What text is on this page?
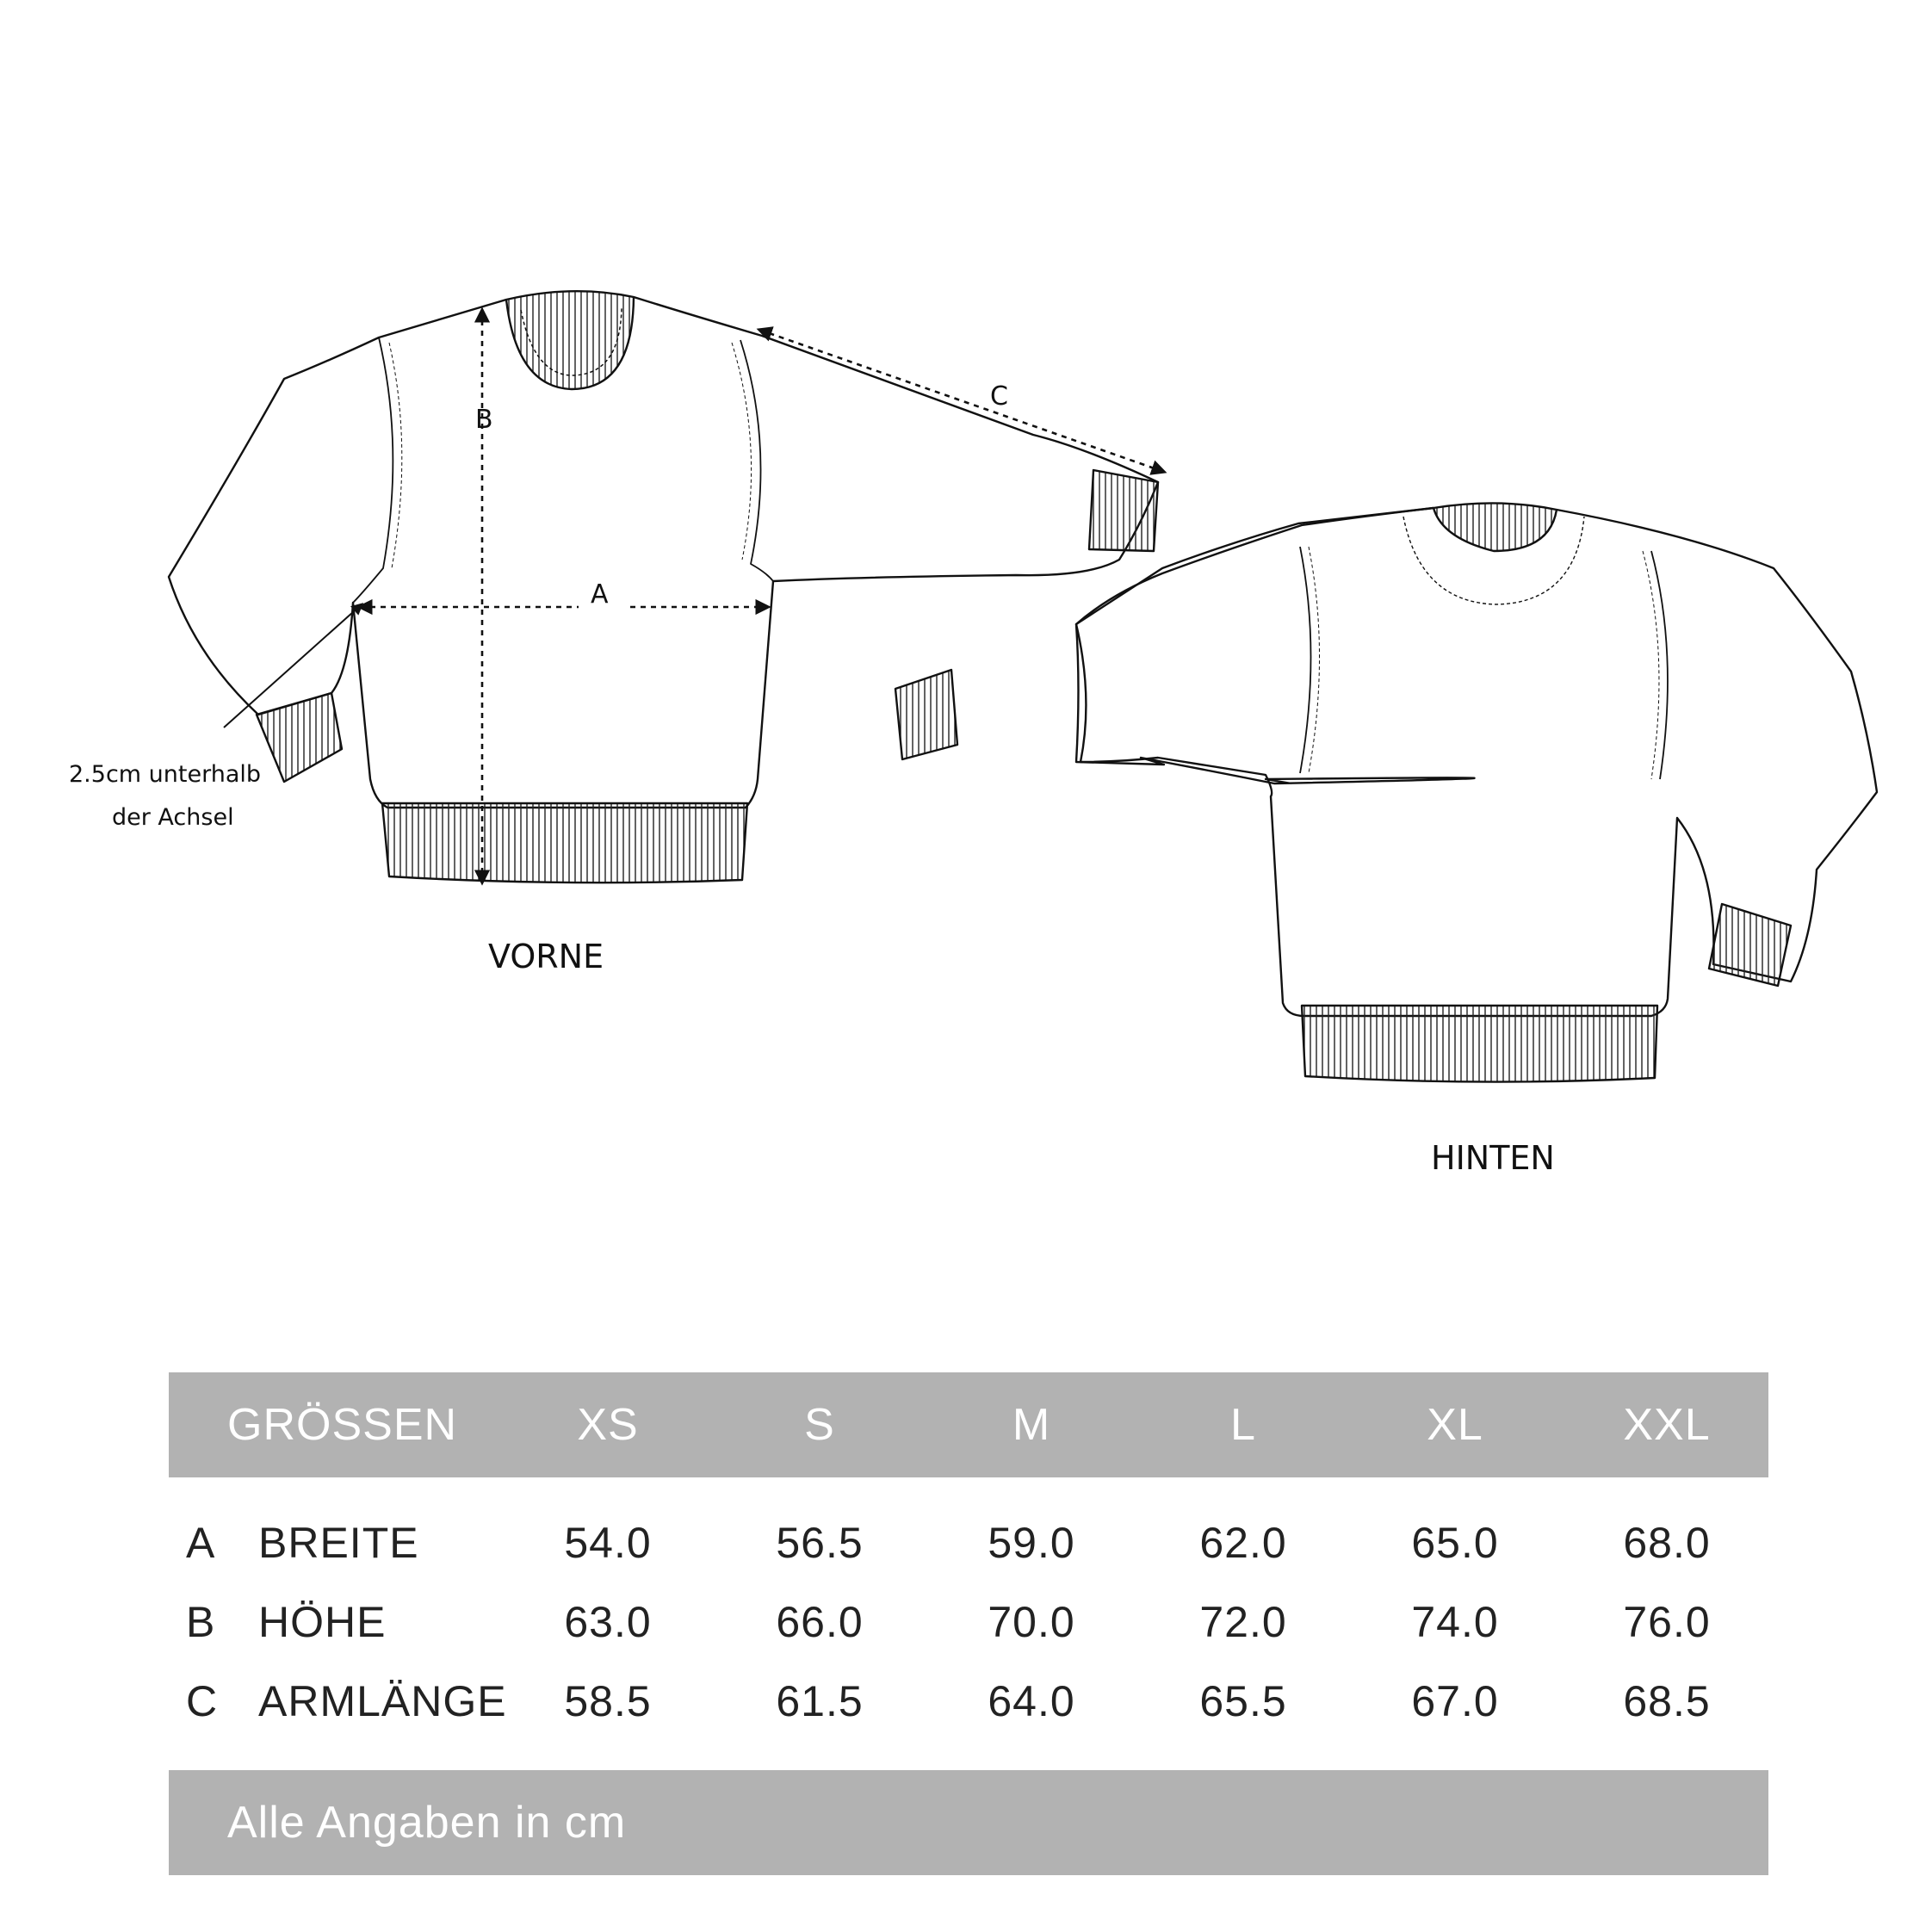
B
A
C
2.5cm unterhalb
der Achsel
VORNE
HINTEN
GRÖSSEN	XS	S	M	L	XL	XXL
A BREITE	54.0	56.5	59.0	62.0	65.0	68.0
B HÖHE	63.0	66.0	70.0	72.0	74.0	76.0
C ARMLÄNGE 58.5	61.5	64.0	65.5	67.0	68.5
Alle Angaben in cm
